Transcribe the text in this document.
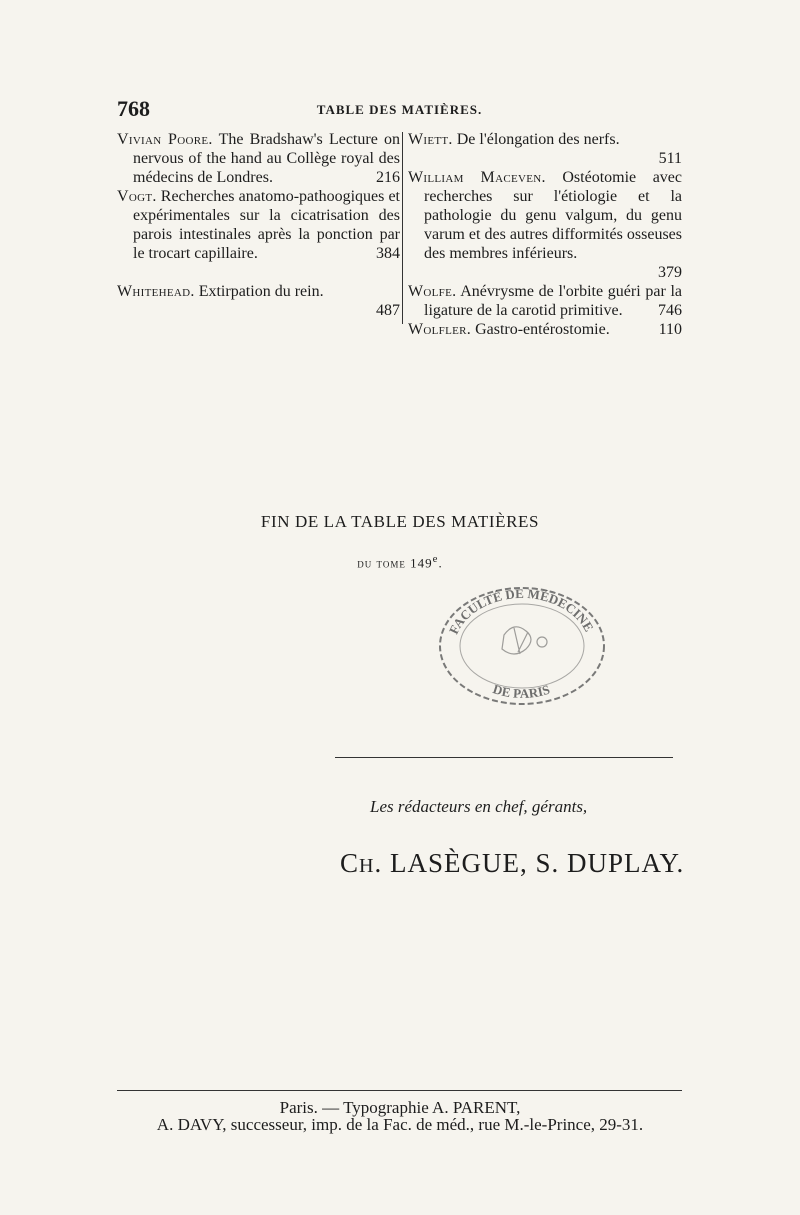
768	TABLE DES MATIÈRES.
Vivian Poore. The Bradshaw's Lecture on nervous of the hand au Collège royal des médecins de Londres.	216
Vogt. Recherches anatomo-pathoogiques et expérimentales sur la cicatrisation des parois intestinales après la ponction par le trocart capillaire.	384
Whitehead. Extirpation du rein.

487
Wiett. De l'élongation des nerfs.

511
William Maceven. Ostéotomie avec recherches sur l'étiologie et la pathologie du genu valgum, du genu varum et des autres difformités osseuses des membres inférieurs.

379
Wolfe. Anévrysme de l'orbite guéri par la ligature de la carotid primitive. 746
Wolfler. Gastro-entérostomie.	110
FIN DE LA TABLE DES MATIÈRES
du tome 149e.
FACULTÉ DE MÉDECINE
DE PARIS
Les rédacteurs en chef, gérants,
CH. LASÈGUE, S. DUPLAY.
Paris. — Typographie A. PARENT,
A. DAVY, successeur, imp. de la Fac. de méd., rue M.-le-Prince, 29-31.
